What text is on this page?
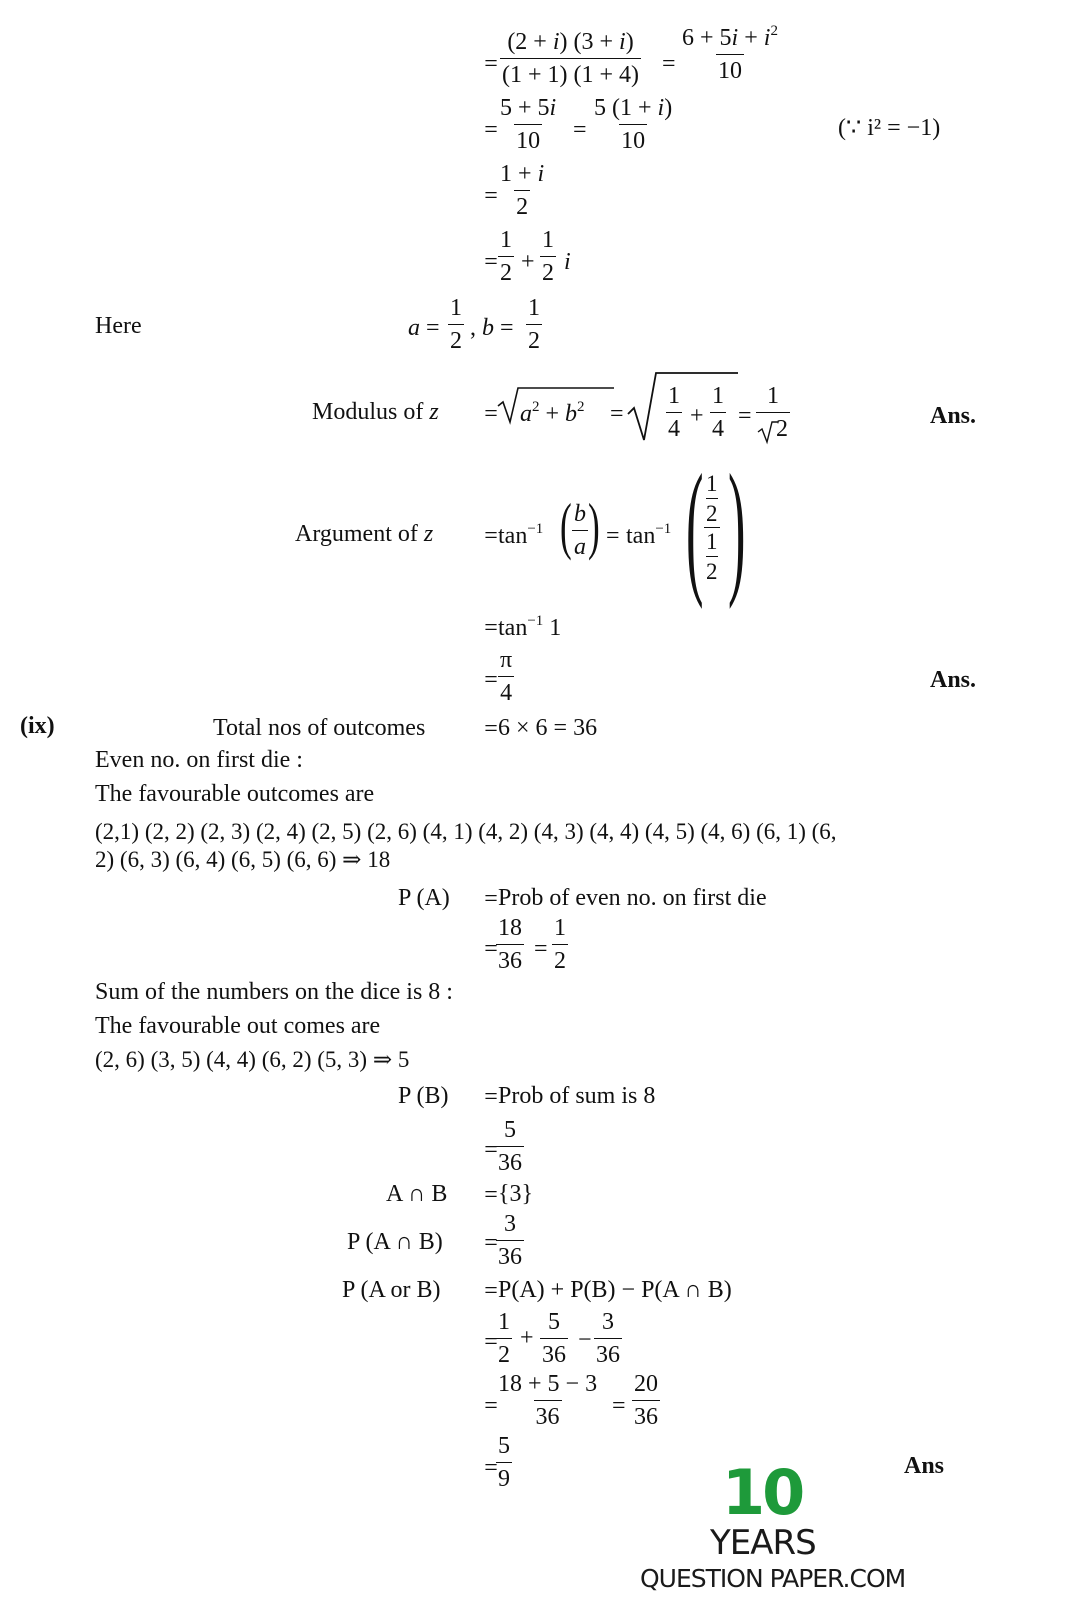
= $\frac{(2 + i) (3 + i)}{(1 + 1) (1 + 4)} = \frac{6 + 5i + i^2}{10}$
= $\frac{5 + 5i}{10} = \frac{5 (1 + i)}{10}$	(∵ i² = −1)
= $\frac{1 + i}{2}$
= $\frac{1}{2} + \frac{1}{2}$ i
Here	$a = \frac{1}{2}$ , $b = \frac{1}{2}$
Modulus of $z = a^2 + b^2 = \frac{1}{4} + \frac{1}{4} = \frac{1}{2}$	Ans.
Argument of $z = \tan^{-1}$ ( $\frac{b}{a}$ ) = $\tan^{-1}$ ( $\frac{\frac{1}{2}}{\frac{1}{2}}$ )
= $\tan^{-1} 1$
= $\frac{\pi}{4}$	Ans.
(ix)	Total nos of outcomes = 6 × 6 = 36
Even no. on first die :
The favourable outcomes are
(2,1) (2, 2) (2, 3) (2, 4) (2, 5) (2, 6) (4, 1) (4, 2) (4, 3) (4, 4) (4, 5) (4, 6) (6, 1) (6,
2) (6, 3) (6, 4) (6, 5) (6, 6) ⇒ 18
P (A) = Prob of even no. on first die
=
$\frac{18}{36} = \frac{1}{2}$
Sum of the numbers on the dice is 8 :
The favourable out comes are
(2, 6) (3, 5) (4, 4) (6, 2) (5, 3) ⇒ 5
P (B) = Prob of sum is 8
=
$\frac{5}{36}$
A ∩ B = {3}
P (A ∩ B) =
$\frac{3}{36}$
P (A or B) = P(A) + P(B) − P(A ∩ B)
=
$\frac{1}{2} + \frac{5}{36} - \frac{3}{36}$
=
$\frac{18 + 5 - 3}{36} = \frac{20}{36}$
=
$\frac{5}{9}$	Ans
10
YEARS
QUESTION PAPER.COM
